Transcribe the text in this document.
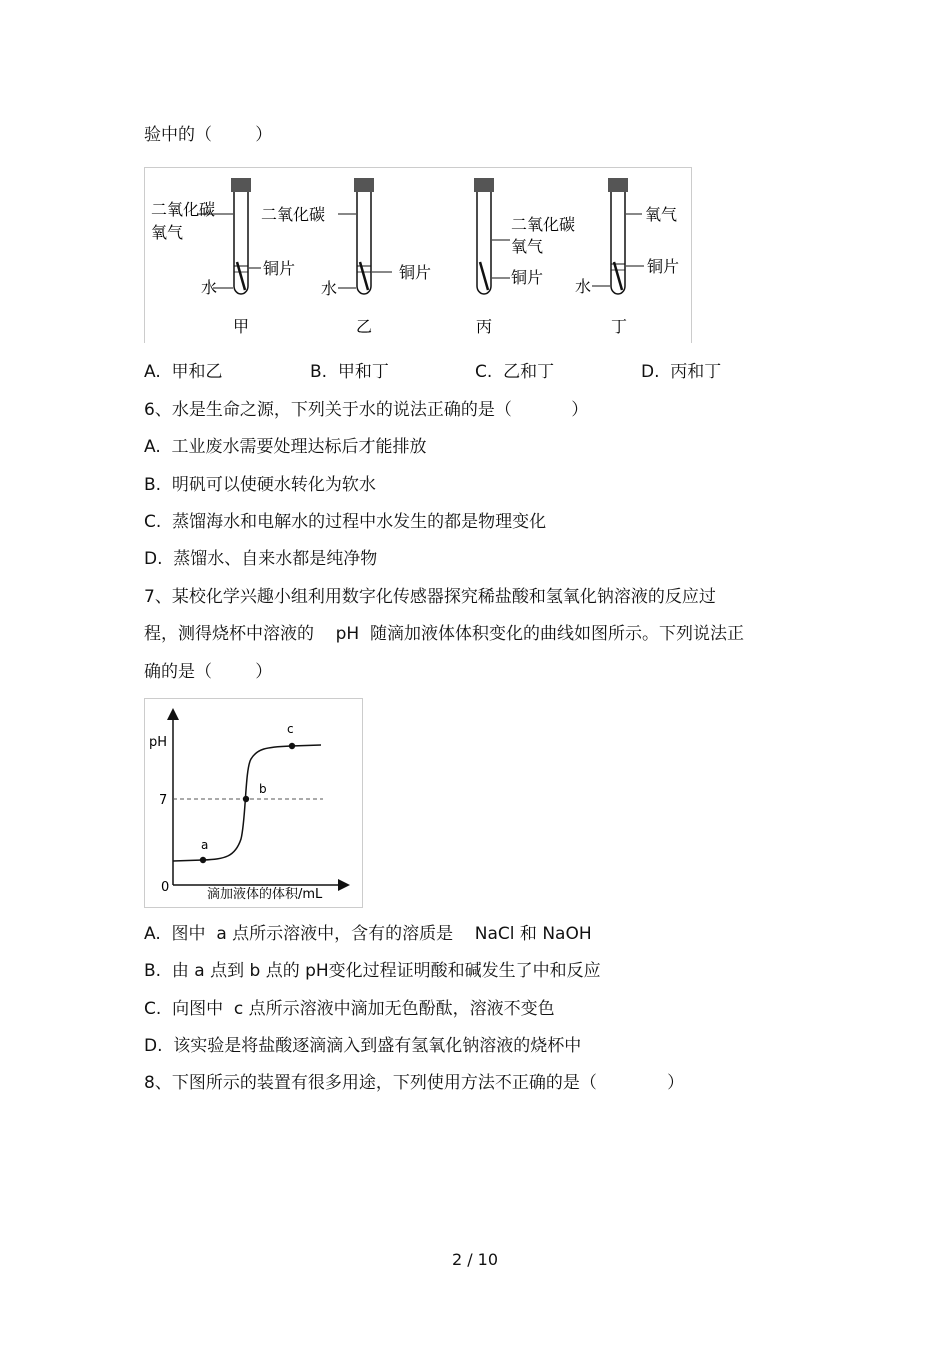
验中的（        ）
二氧化碳
氧气
铜片
水
甲
二氧化碳
铜片
水
乙
二氧化碳
氧气
铜片
丙
氧气
铜片
水
丁
A.  甲和乙	B.  甲和丁	C.  乙和丁	D.  丙和丁
6、水是生命之源，下列关于水的说法正确的是（           ）
A.  工业废水需要处理达标后才能排放
B.  明矾可以使硬水转化为软水
C.  蒸馏海水和电解水的过程中水发生的都是物理变化
D.  蒸馏水、自来水都是纯净物
7、某校化学兴趣小组利用数字化传感器探究稀盐酸和氢氧化钠溶液的反应过
程，测得烧杯中溶液的    pH  随滴加液体体积变化的曲线如图所示。下列说法正
确的是（        ）
pH
0	滴加液体的体积/mL
7
a
b
c
A.  图中  a 点所示溶液中，含有的溶质是    NaCl 和 NaOH
B.  由 a 点到 b 点的 pH变化过程证明酸和碱发生了中和反应
C.  向图中  c 点所示溶液中滴加无色酚酞，溶液不变色
D.  该实验是将盐酸逐滴滴入到盛有氢氧化钠溶液的烧杯中
8、下图所示的装置有很多用途，下列使用方法不正确的是（             ）
2 / 10
